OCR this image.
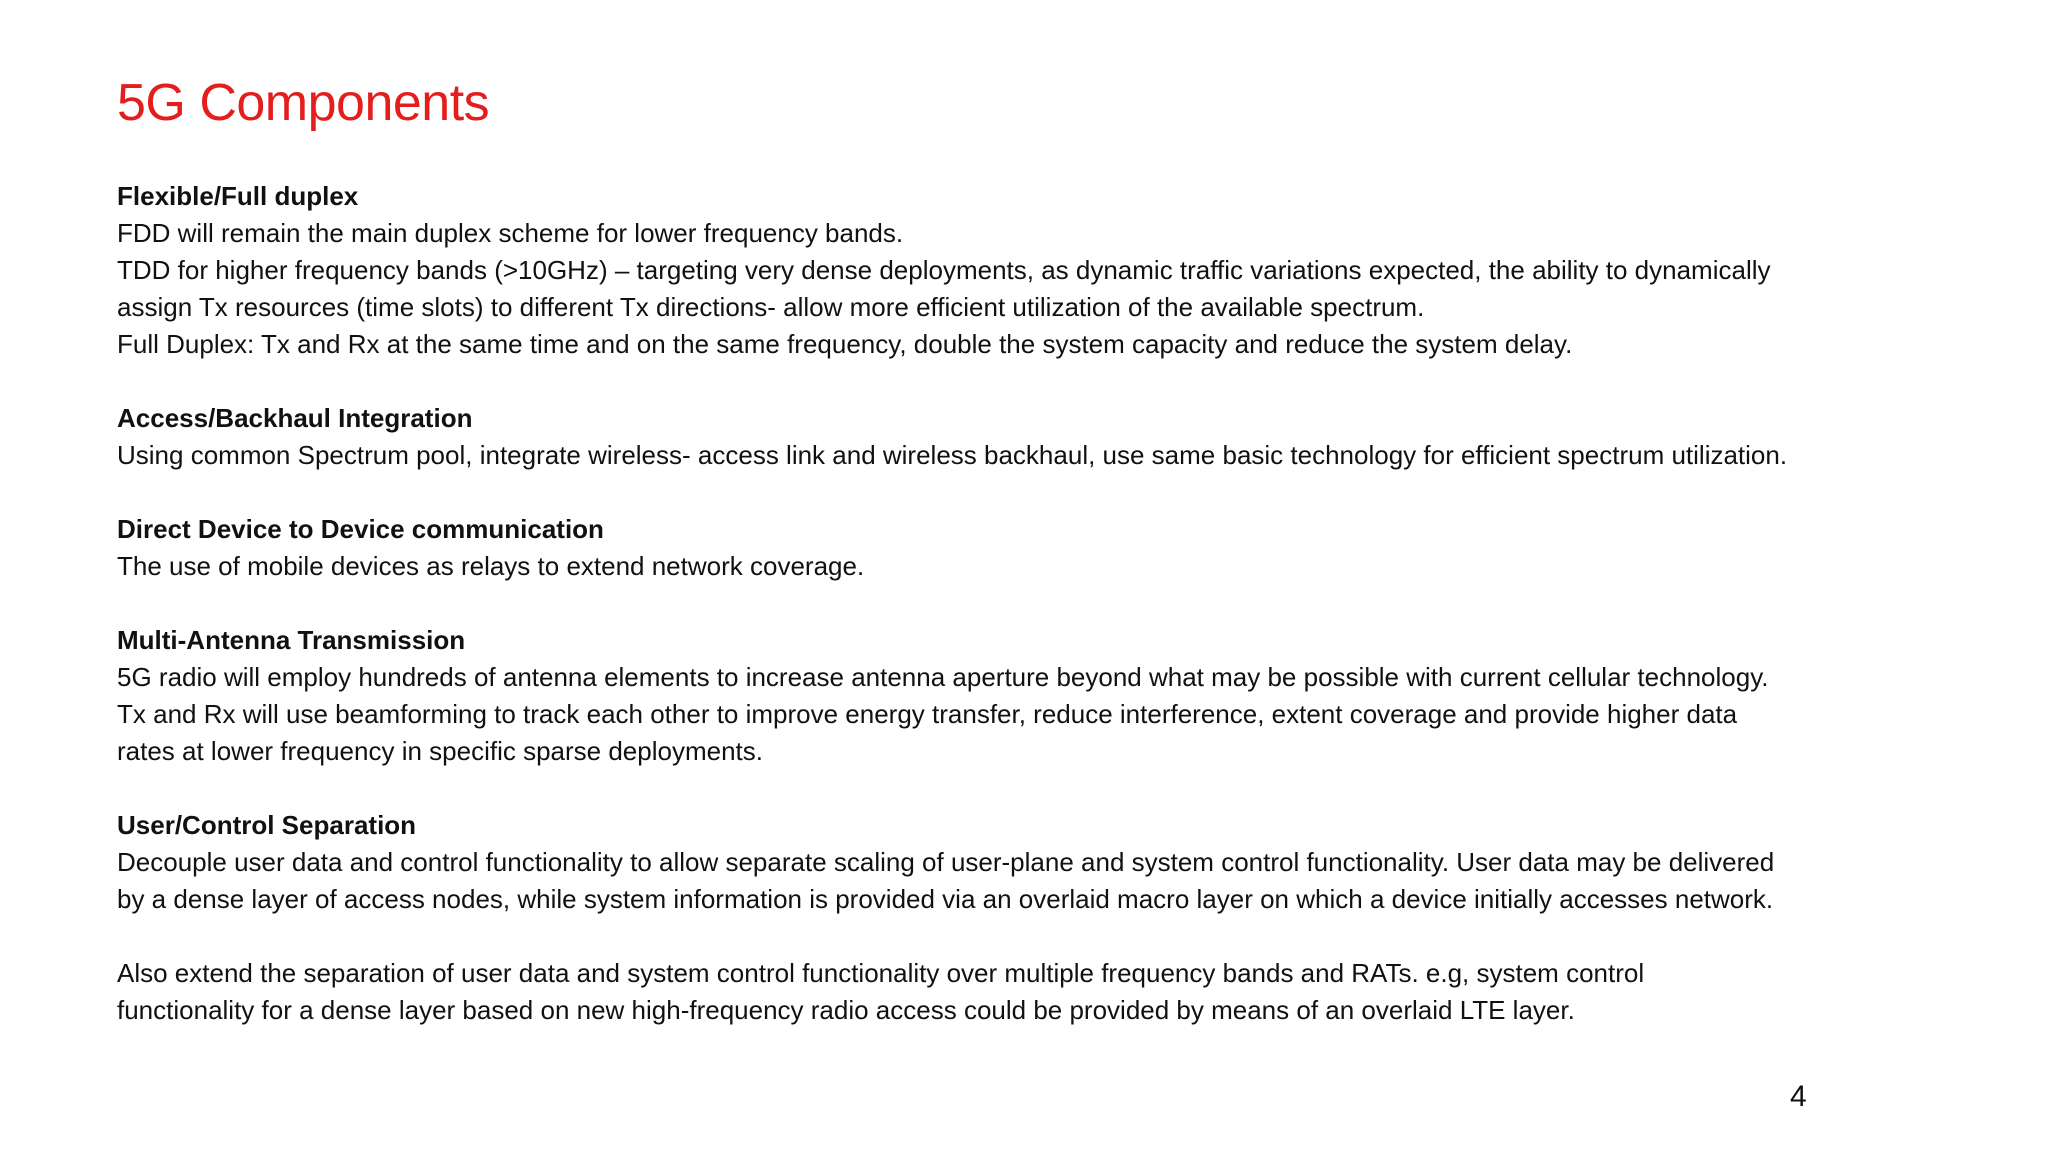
5G Components
Flexible/Full duplex
FDD will remain the main duplex scheme for lower frequency bands.
TDD for higher frequency bands (>10GHz) – targeting very dense deployments, as dynamic traffic variations expected, the ability to dynamically
assign Tx resources (time slots) to different Tx directions- allow more efficient utilization of the available spectrum.
Full Duplex: Tx and Rx at the same time and on the same frequency, double the system capacity and reduce the system delay.
Access/Backhaul Integration
Using common Spectrum pool, integrate wireless- access link and wireless backhaul, use same basic technology for efficient spectrum utilization.
Direct Device to Device communication
The use of mobile devices as relays to extend network coverage.
Multi-Antenna Transmission
5G radio will employ hundreds of antenna elements to increase antenna aperture beyond what may be possible with current cellular technology.
Tx and Rx will use beamforming to track each other to improve energy transfer, reduce interference, extent coverage and provide higher data
rates at lower frequency in specific sparse deployments.
User/Control Separation
Decouple user data and control functionality to allow separate scaling of user-plane and system control functionality. User data may be delivered
by a dense layer of access nodes, while system information is provided via an overlaid macro layer on which a device initially accesses network.
Also extend the separation of user data and system control functionality over multiple frequency bands and RATs. e.g, system control
functionality for a dense layer based on new high-frequency radio access could be provided by means of an overlaid LTE layer.
4
